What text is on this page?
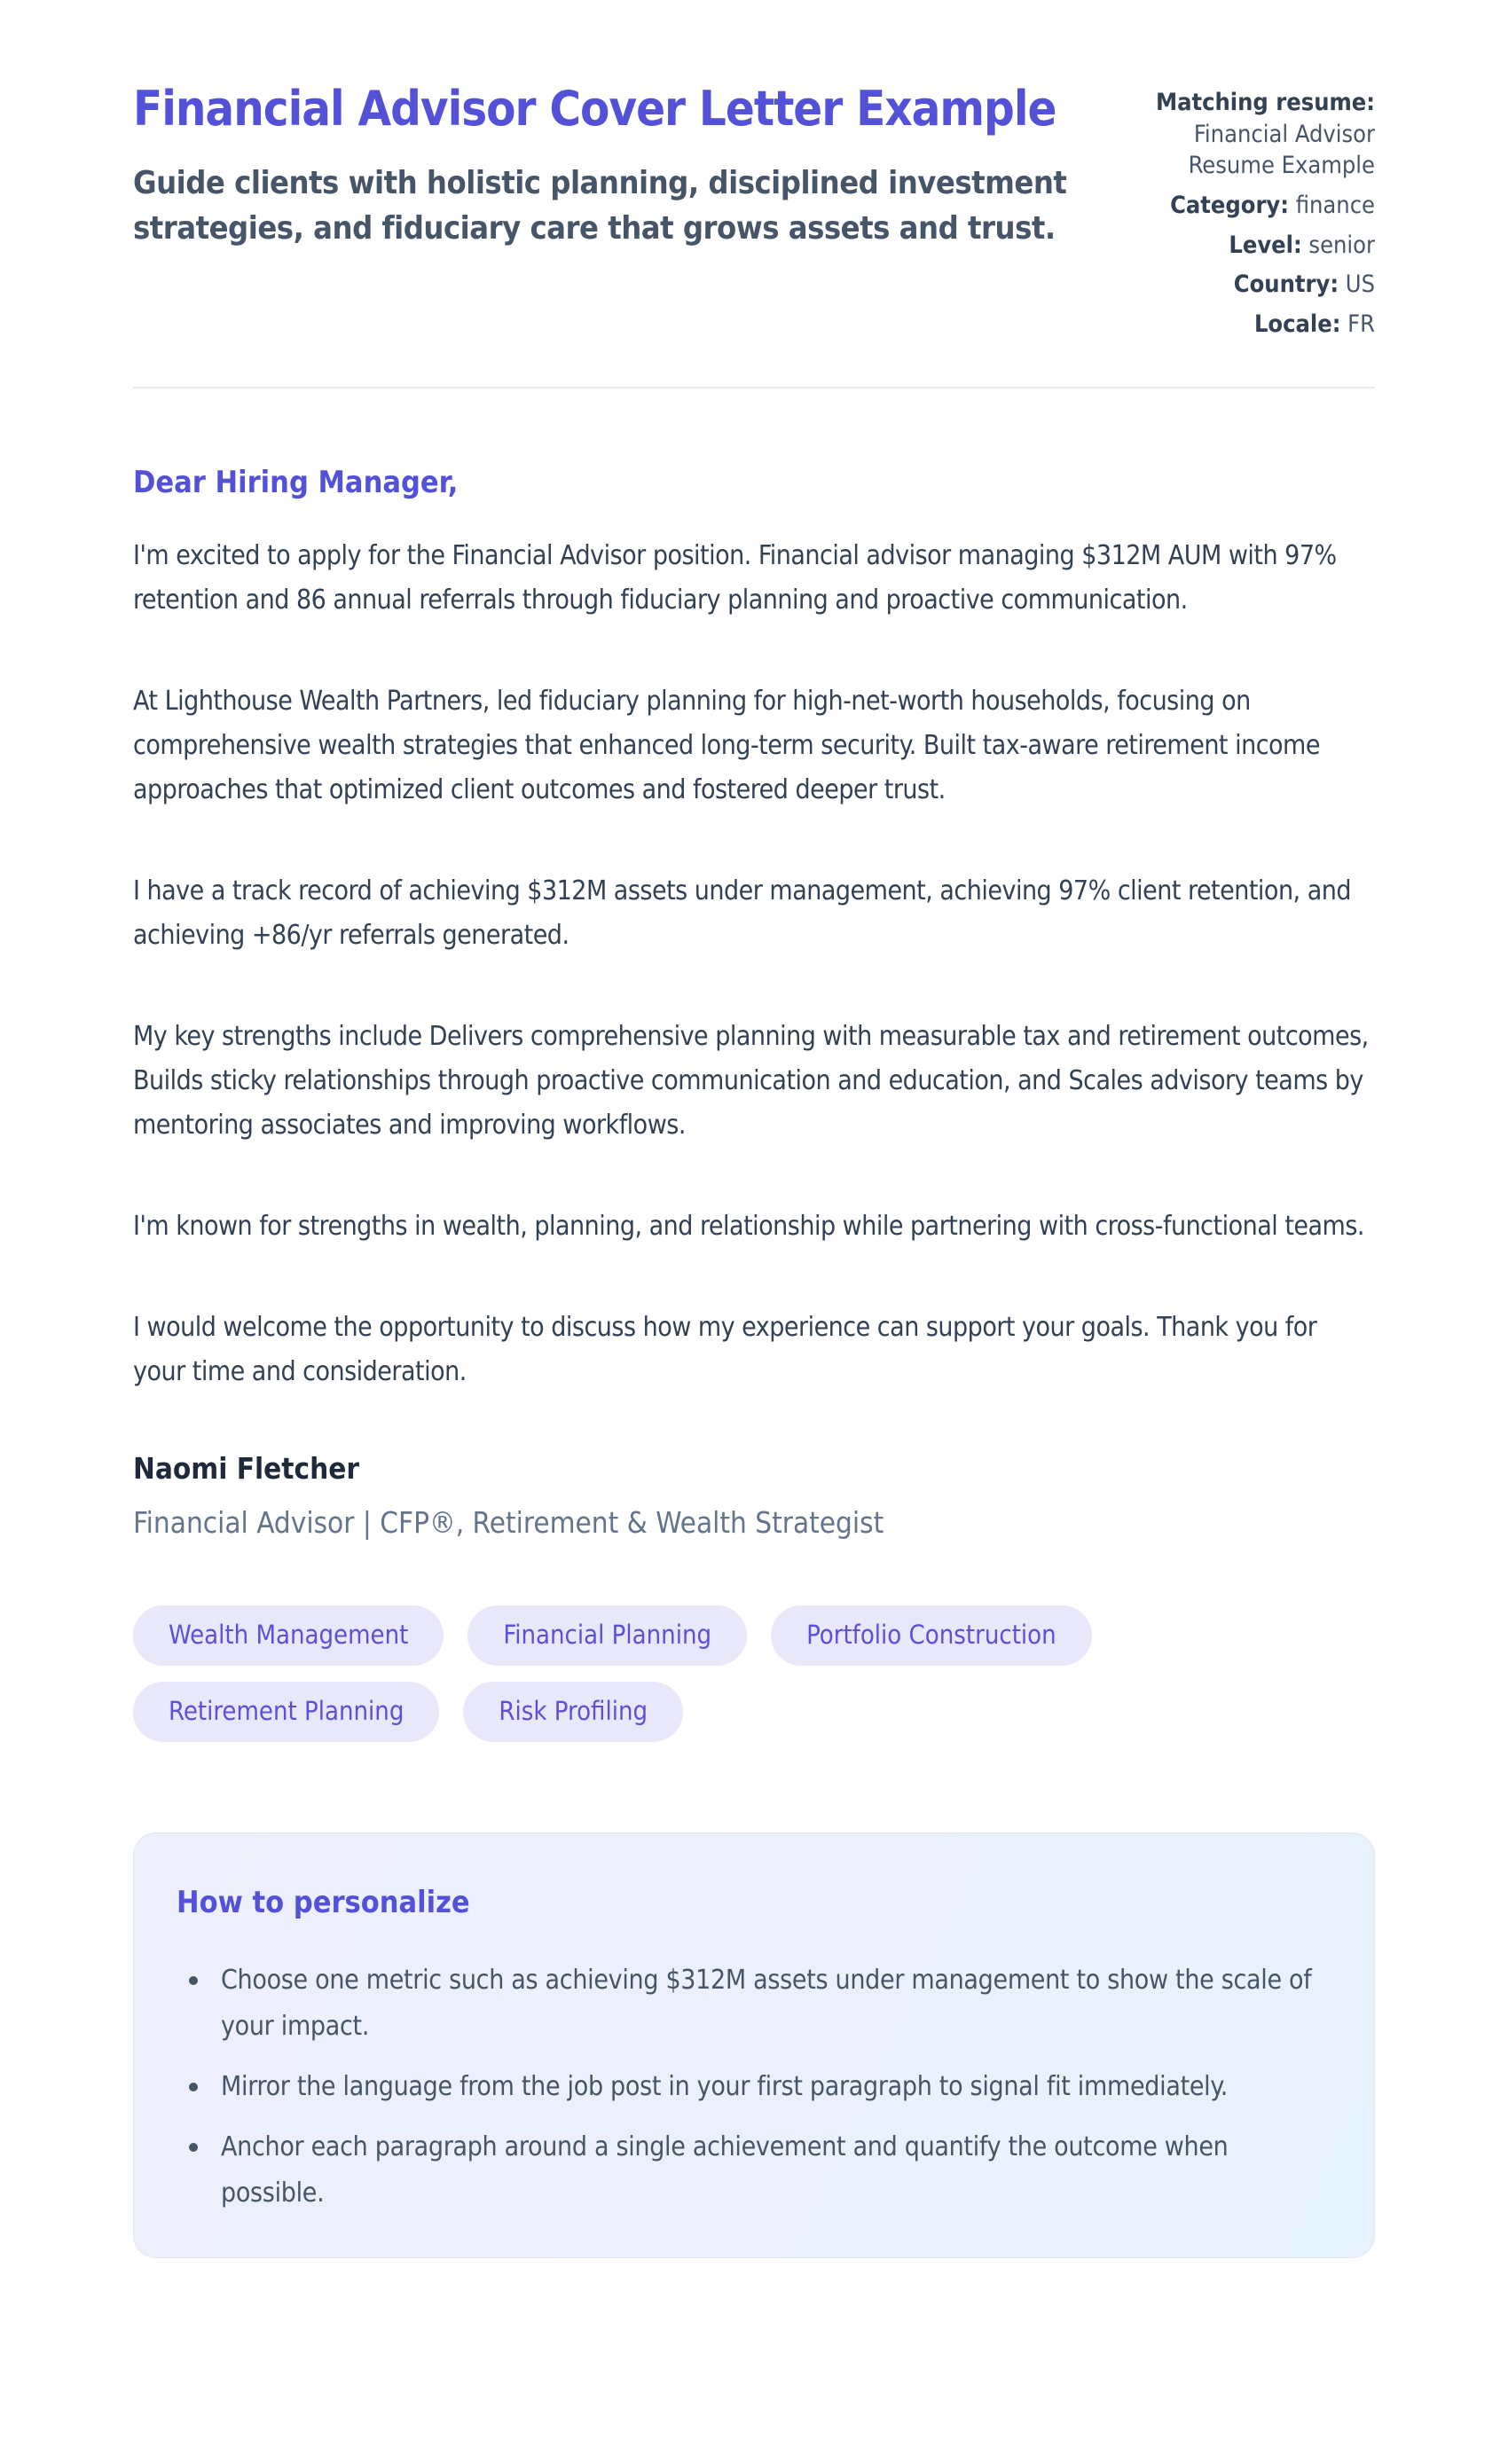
Financial Advisor Cover Letter Example

Guide clients with holistic planning, disciplined investment strategies, and fiduciary care that grows assets and trust.

Matching resume:
Financial Advisor Resume Example
Category: finance
Level: senior
Country: US
Locale: FR

Dear Hiring Manager,

I'm excited to apply for the Financial Advisor position. Financial advisor managing $312M AUM with 97% retention and 86 annual referrals through fiduciary planning and proactive communication.

At Lighthouse Wealth Partners, led fiduciary planning for high-net-worth households, focusing on comprehensive wealth strategies that enhanced long-term security. Built tax-aware retirement income approaches that optimized client outcomes and fostered deeper trust.

I have a track record of achieving $312M assets under management, achieving 97% client retention, and achieving +86/yr referrals generated.

My key strengths include Delivers comprehensive planning with measurable tax and retirement outcomes, Builds sticky relationships through proactive communication and education, and Scales advisory teams by mentoring associates and improving workflows.

I'm known for strengths in wealth, planning, and relationship while partnering with cross-functional teams.

I would welcome the opportunity to discuss how my experience can support your goals. Thank you for your time and consideration.

Naomi Fletcher

Financial Advisor | CFP®, Retirement & Wealth Strategist

Wealth Management	Financial Planning	Portfolio Construction
Retirement Planning	Risk Profiling
How to personalize
Choose one metric such as achieving $312M assets under management to show the scale of your impact.
Mirror the language from the job post in your first paragraph to signal fit immediately.
Anchor each paragraph around a single achievement and quantify the outcome when possible.
